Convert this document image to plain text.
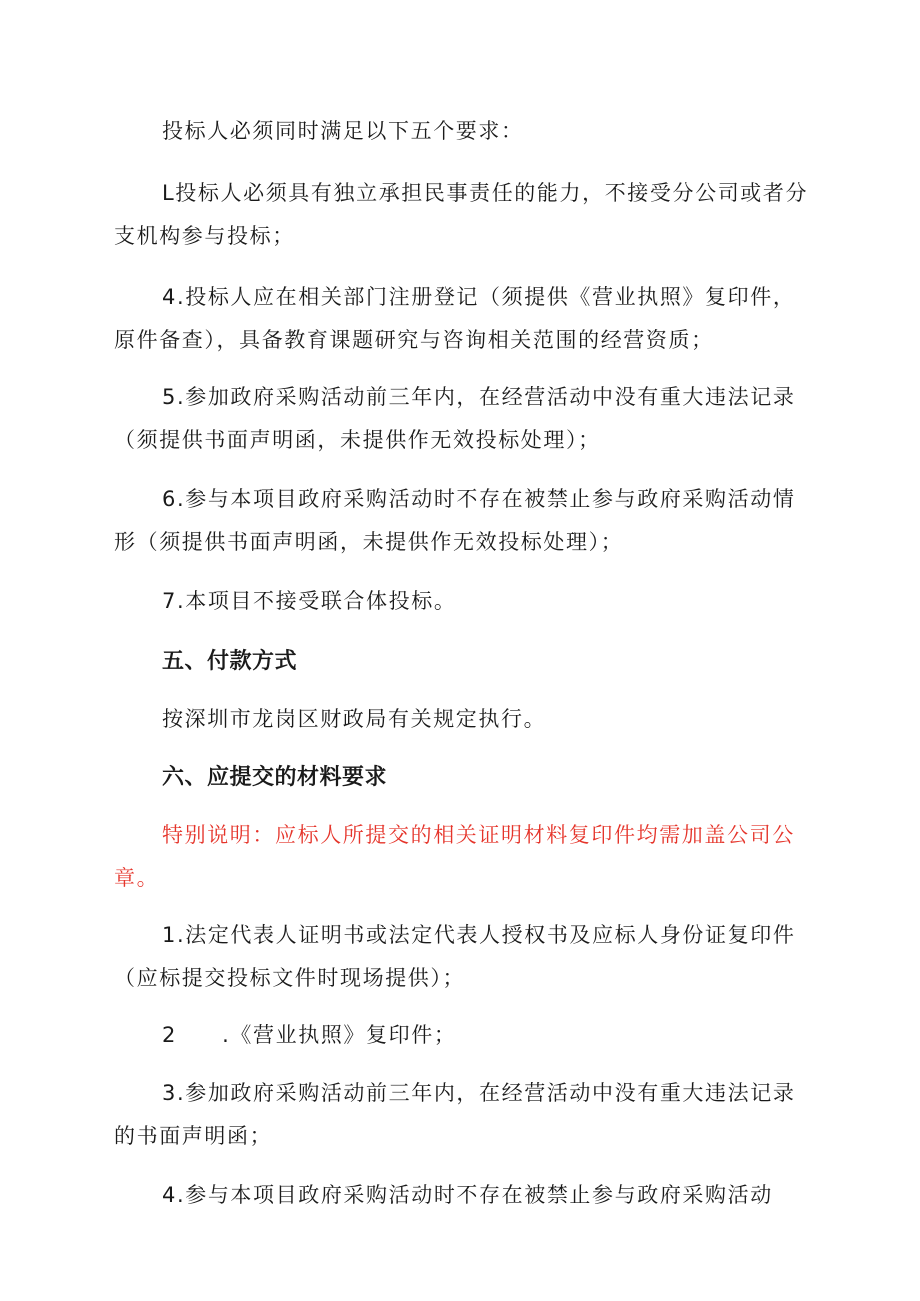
投标人必须同时满足以下五个要求：

L投标人必须具有独立承担民事责任的能力，不接受分公司或者分支机构参与投标；

4.投标人应在相关部门注册登记（须提供《营业执照》复印件，原件备查），具备教育课题研究与咨询相关范围的经营资质；

5.参加政府采购活动前三年内，在经营活动中没有重大违法记录（须提供书面声明函，未提供作无效投标处理）；

6.参与本项目政府采购活动时不存在被禁止参与政府采购活动情形（须提供书面声明函，未提供作无效投标处理）；

7.本项目不接受联合体投标。

五、付款方式

按深圳市龙岗区财政局有关规定执行。

六、应提交的材料要求

特别说明：应标人所提交的相关证明材料复印件均需加盖公司公章。

1.法定代表人证明书或法定代表人授权书及应标人身份证复印件（应标提交投标文件时现场提供）；

2　　.《营业执照》复印件；

3.参加政府采购活动前三年内，在经营活动中没有重大违法记录的书面声明函；

4.参与本项目政府采购活动时不存在被禁止参与政府采购活动
